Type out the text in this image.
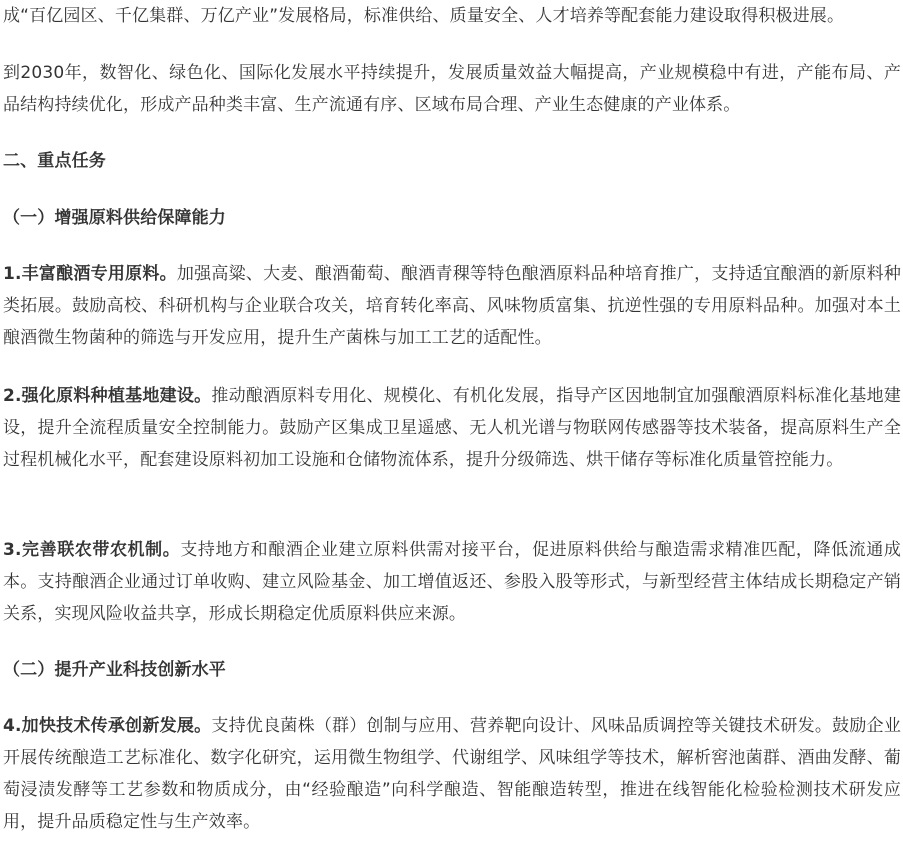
成“百亿园区、千亿集群、万亿产业”发展格局，标准供给、质量安全、人才培养等配套能力建设取得积极进展。

到2030年，数智化、绿色化、国际化发展水平持续提升，发展质量效益大幅提高，产业规模稳中有进，产能布局、产品结构持续优化，形成产品种类丰富、生产流通有序、区域布局合理、产业生态健康的产业体系。

二、重点任务

（一）增强原料供给保障能力

1.丰富酿酒专用原料。加强高粱、大麦、酿酒葡萄、酿酒青稞等特色酿酒原料品种培育推广，支持适宜酿酒的新原料种类拓展。鼓励高校、科研机构与企业联合攻关，培育转化率高、风味物质富集、抗逆性强的专用原料品种。加强对本土酿酒微生物菌种的筛选与开发应用，提升生产菌株与加工工艺的适配性。

2.强化原料种植基地建设。推动酿酒原料专用化、规模化、有机化发展，指导产区因地制宜加强酿酒原料标准化基地建设，提升全流程质量安全控制能力。鼓励产区集成卫星遥感、无人机光谱与物联网传感器等技术装备，提高原料生产全过程机械化水平，配套建设原料初加工设施和仓储物流体系，提升分级筛选、烘干储存等标准化质量管控能力。

3.完善联农带农机制。支持地方和酿酒企业建立原料供需对接平台，促进原料供给与酿造需求精准匹配，降低流通成本。支持酿酒企业通过订单收购、建立风险基金、加工增值返还、参股入股等形式，与新型经营主体结成长期稳定产销关系，实现风险收益共享，形成长期稳定优质原料供应来源。

（二）提升产业科技创新水平

4.加快技术传承创新发展。支持优良菌株（群）创制与应用、营养靶向设计、风味品质调控等关键技术研发。鼓励企业开展传统酿造工艺标准化、数字化研究，运用微生物组学、代谢组学、风味组学等技术，解析窖池菌群、酒曲发酵、葡萄浸渍发酵等工艺参数和物质成分，由“经验酿造”向科学酿造、智能酿造转型，推进在线智能化检验检测技术研发应用，提升品质稳定性与生产效率。
